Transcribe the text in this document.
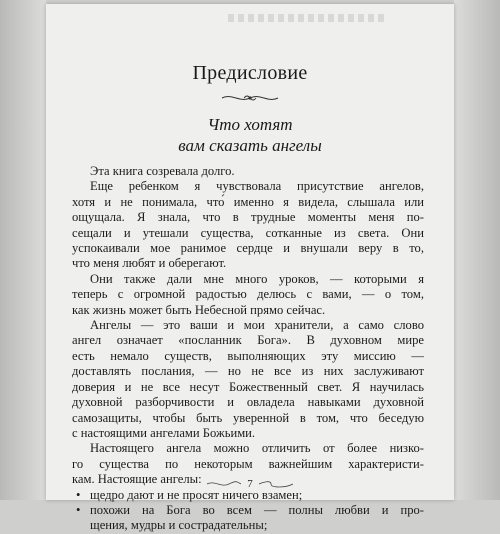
Предисловие
Что хотят
вам сказать ангелы

Эта книга созревала долго.

Еще ребенком я чувствовала присутствие ангелов,

хотя и не понимала, что́ именно я видела, слышала или
ощущала. Я знала, что в трудные моменты меня по-
сещали и утешали существа, сотканные из света. Они
успокаивали мое ранимое сердце и внушали веру в то,
что меня любят и оберегают.

Они также дали мне много уроков, — которыми я

теперь с огромной радостью делюсь с вами, — о том,
как жизнь может быть Небесной прямо сейчас.

Ангелы — это ваши и мои хранители, а само слово

ангел означает «посланник Бога». В духовном мире
есть немало существ, выполняющих эту миссию —
доставлять послания, — но не все из них заслуживают
доверия и не все несут Божественный свет. Я научилась
духовной разборчивости и овладела навыками духовной
самозащиты, чтобы быть уверенной в том, что беседую
с настоящими ангелами Божьими.

Настоящего ангела можно отличить от более низко-

го существа по некоторым важнейшим характеристи-
кам. Настоящие ангелы:
• щедро дают и не просят ничего взамен;
• похожи на Бога во всем — полны любви и про-
щения, мудры и сострадательны;
7
